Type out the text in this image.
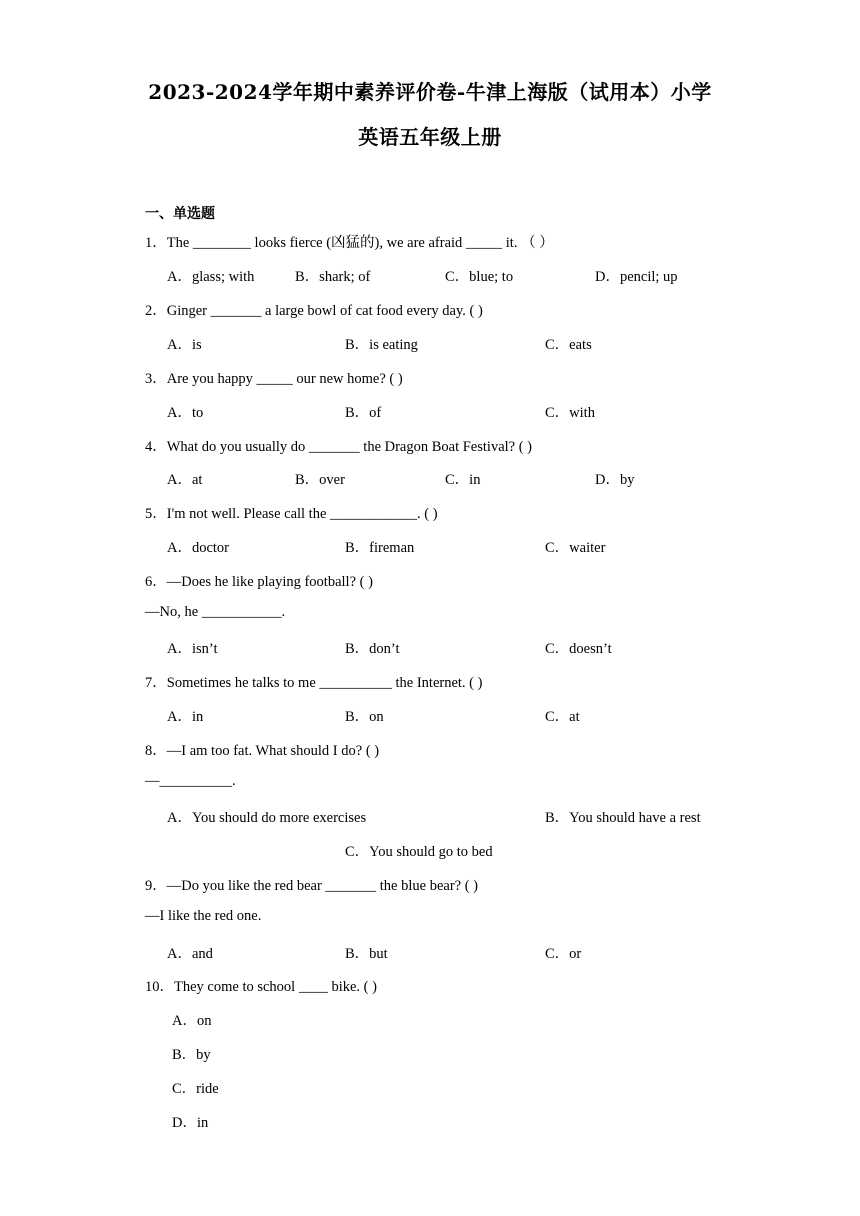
2023-2024学年期中素养评价卷-牛津上海版（试用本）小学
英语五年级上册
一、单选题
1．The ________ looks fierce (凶猛的), we are afraid _____ it. （ ）
A．glass; with	B．shark; of	C．blue; to	D．pencil; up
2．Ginger _______ a large bowl of cat food every day. ( )
A．is	B．is eating	C．eats
3．Are you happy _____ our new home? ( )
A．to	B．of	C．with
4．What do you usually do _______ the Dragon Boat Festival? ( )
A．at	B．over	C．in	D．by
5．I'm not well. Please call the ____________. ( )
A．doctor	B．fireman	C．waiter
6．—Does he like playing football? ( )
—No, he ___________.
A．isn’t	B．don’t	C．doesn’t
7．Sometimes he talks to me __________ the Internet. ( )
A．in	B．on	C．at
8．—I am too fat. What should I do? ( )
—__________.
A．You should do more exercises	B．You should have a rest
C．You should go to bed
9．—Do you like the red bear _______ the blue bear? ( )
—I like the red one.
A．and	B．but	C．or
10．They come to school ____ bike. ( )
A．on
B．by
C．ride
D．in
